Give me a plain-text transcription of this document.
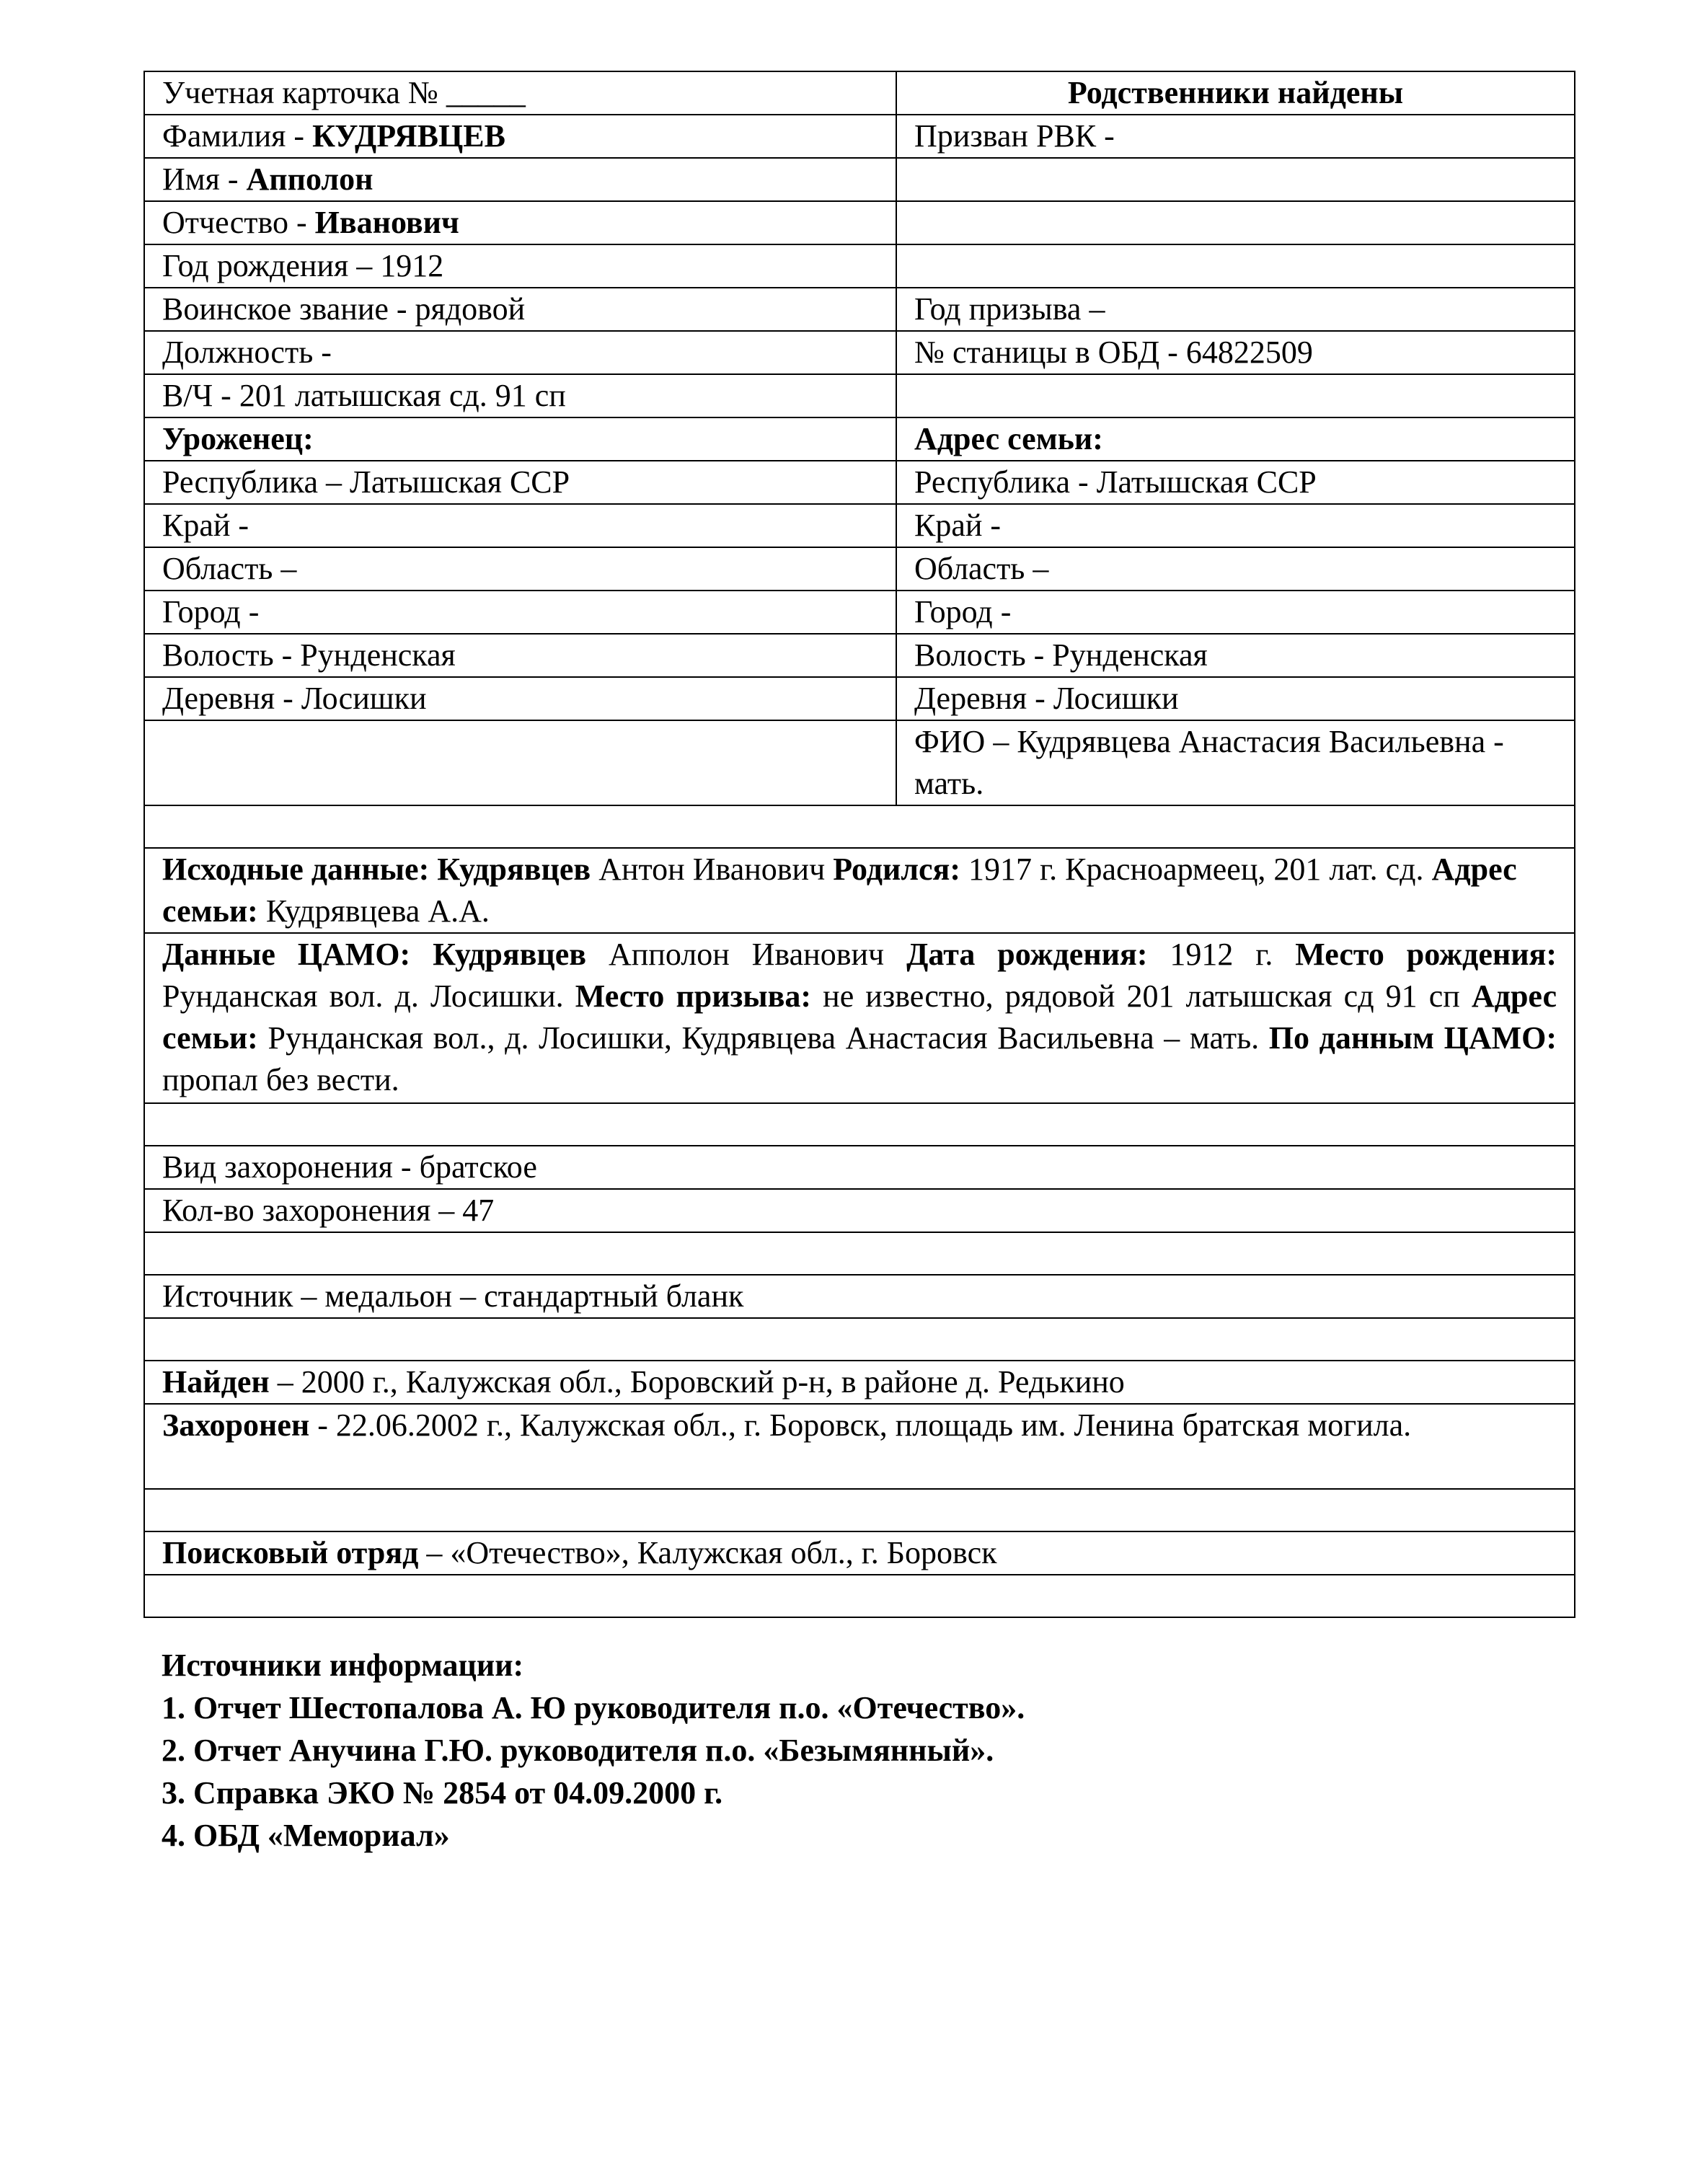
Учетная карточка № _____	Родственники найдены
Фамилия - КУДРЯВЦЕВ	Призван РВК -
Имя - Апполон	
Отчество - Иванович	
Год рождения – 1912	
Воинское звание - рядовой	Год призыва –
Должность -	№ станицы в ОБД - 64822509
В/Ч - 201 латышская сд. 91 сп	
Уроженец:	Адрес семьи:
Республика – Латышская ССР	Республика - Латышская ССР
Край -	Край -
Область –	Область –
Город -	Город -
Волость - Рунденская	Волость - Рунденская
Деревня - Лосишки	Деревня - Лосишки
	ФИО – Кудрявцева Анастасия Васильевна - мать.

Исходные данные: Кудрявцев Антон Иванович Родился: 1917 г. Красноармеец, 201 лат. сд. Адрес семьи: Кудрявцева А.А.	
Данные ЦАМО: Кудрявцев Апполон Иванович Дата рождения: 1912 г. Место рождения: Рунданская вол. д. Лосишки. Место призыва: не известно, рядовой 201 латышская сд 91 сп Адрес семьи: Рунданская вол., д. Лосишки, Кудрявцева Анастасия Васильевна – мать. По данным ЦАМО: пропал без вести.	

Вид захоронения - братское	
Кол-во захоронения – 47	

Источник – медальон – стандартный бланк	

Найден – 2000 г., Калужская обл., Боровский р-н, в районе д. Редькино	
Захоронен - 22.06.2002 г., Калужская обл., г. Боровск, площадь им. Ленина братская могила.	

Поисковый отряд – «Отечество», Калужская обл., г. Боровск	

Источники информации:
1. Отчет Шестопалова А. Ю руководителя п.о. «Отечество».
2. Отчет Анучина Г.Ю. руководителя п.о. «Безымянный».
3. Справка ЭКО № 2854 от 04.09.2000 г.
4. ОБД «Мемориал»
